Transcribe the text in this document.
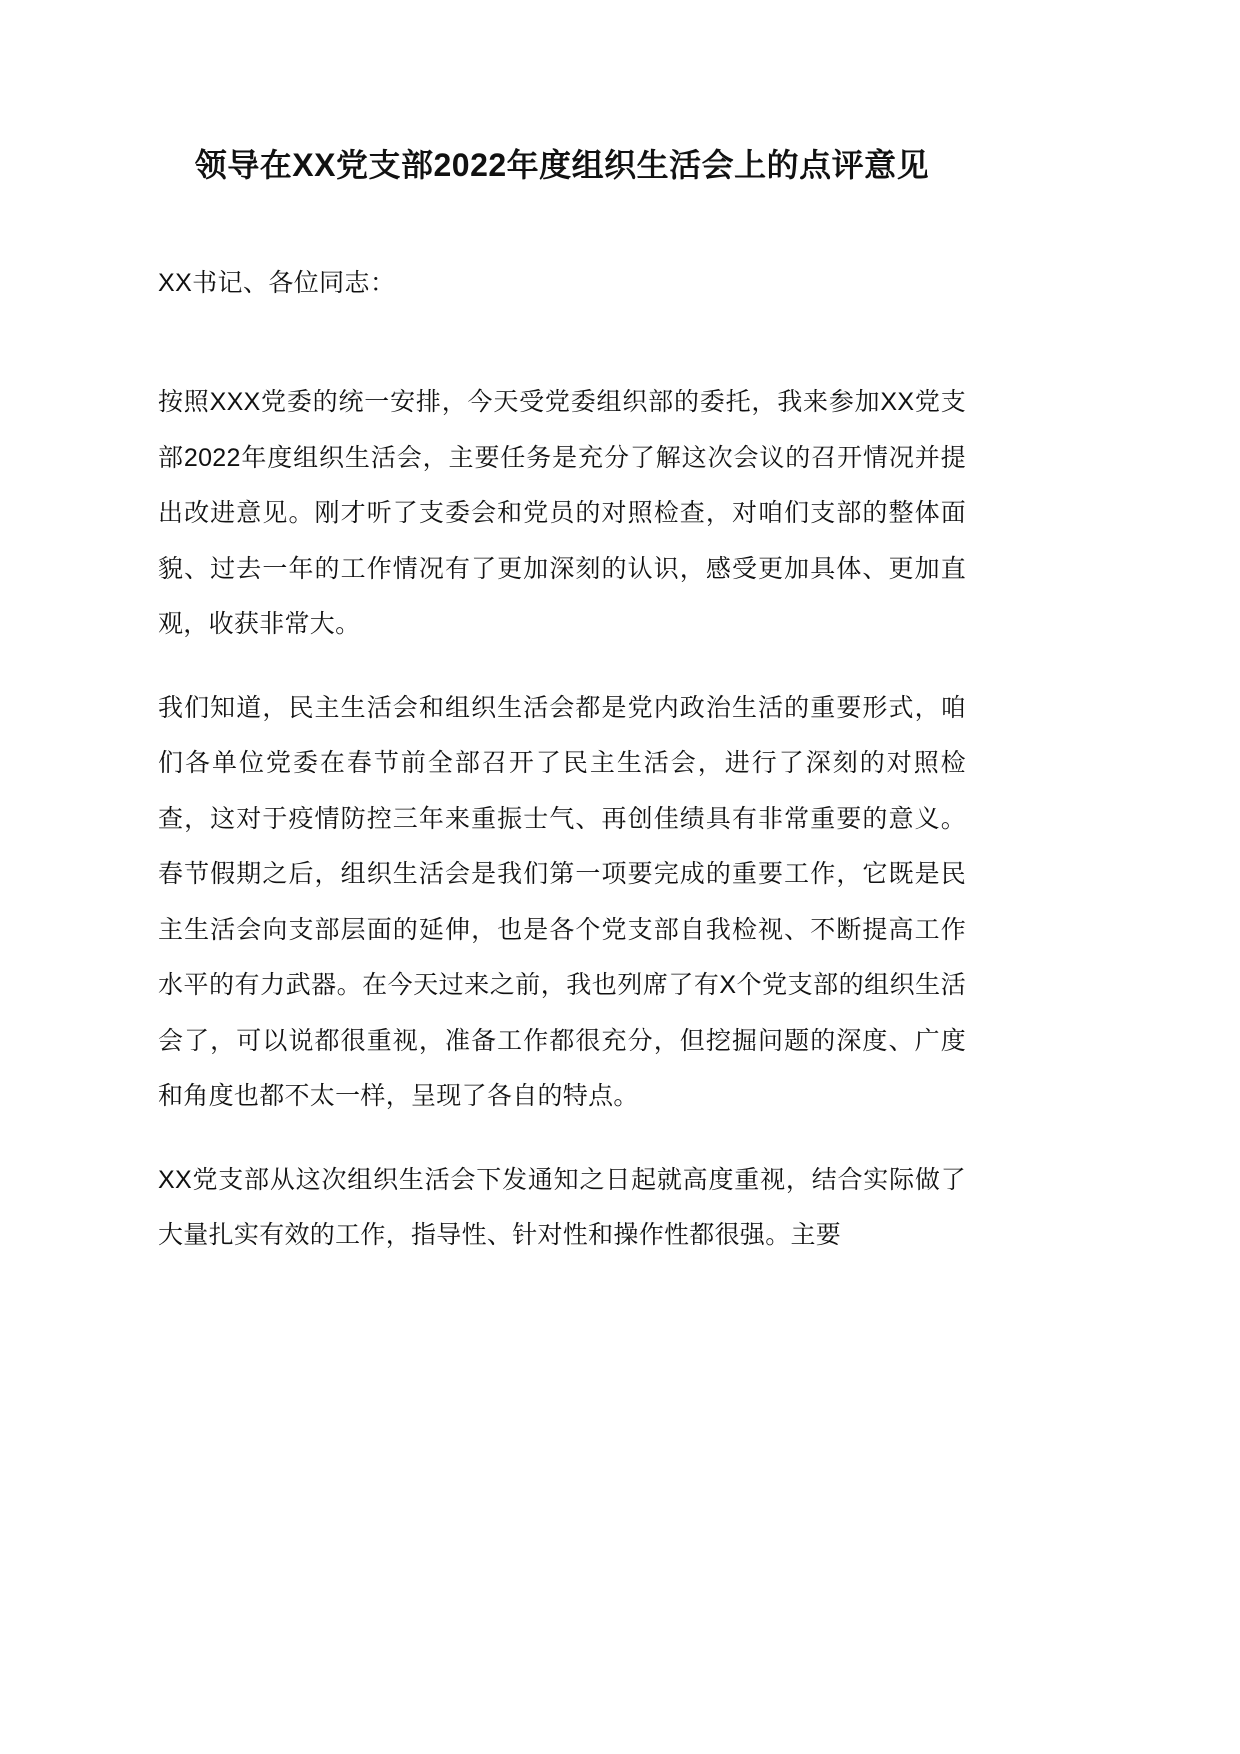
领导在XX党支部2022年度组织生活会上的点评意见

XX书记、各位同志：

按照XXX党委的统一安排，今天受党委组织部的委托，我来参加XX党支部2022年度组织生活会，主要任务是充分了解这次会议的召开情况并提出改进意见。刚才听了支委会和党员的对照检查，对咱们支部的整体面貌、过去一年的工作情况有了更加深刻的认识，感受更加具体、更加直观，收获非常大。

我们知道，民主生活会和组织生活会都是党内政治生活的重要形式，咱们各单位党委在春节前全部召开了民主生活会，进行了深刻的对照检查，这对于疫情防控三年来重振士气、再创佳绩具有非常重要的意义。春节假期之后，组织生活会是我们第一项要完成的重要工作，它既是民主生活会向支部层面的延伸，也是各个党支部自我检视、不断提高工作水平的有力武器。在今天过来之前，我也列席了有X个党支部的组织生活会了，可以说都很重视，准备工作都很充分，但挖掘问题的深度、广度和角度也都不太一样，呈现了各自的特点。

XX党支部从这次组织生活会下发通知之日起就高度重视，结合实际做了大量扎实有效的工作，指导性、针对性和操作性都很强。主要
